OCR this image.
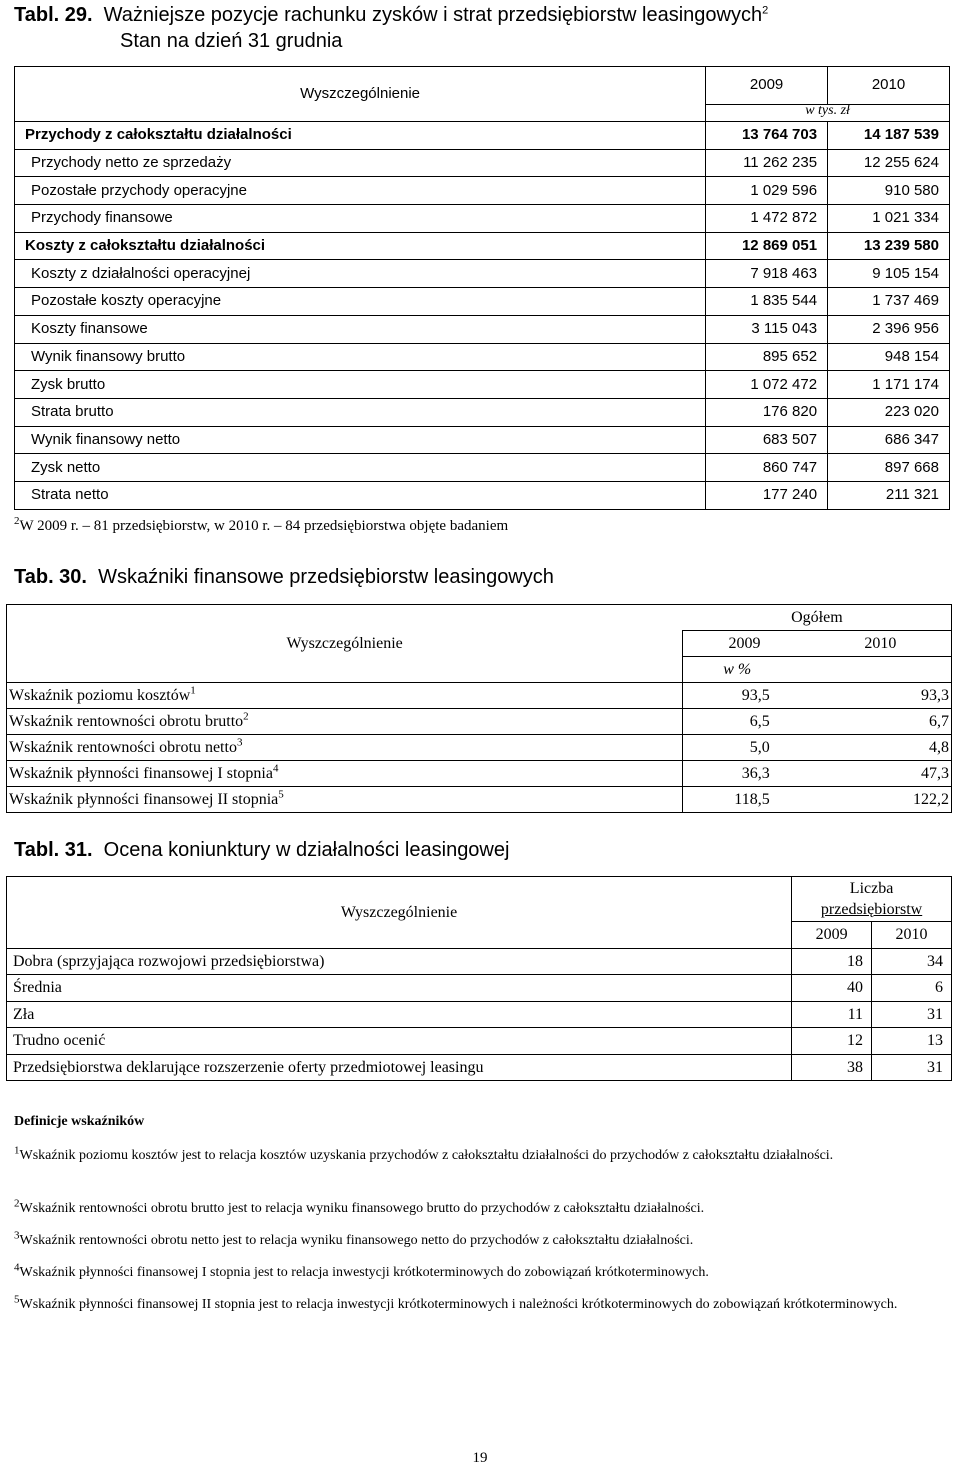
Tabl. 29. Ważniejsze pozycje rachunku zysków i strat przedsiębiorstw leasingowych$^2$
Stan na dzień 31 grudnia
Wyszczególnienie	2009	2010
	w tys. zł	
Przychody z całokształtu działalności	13 764 703	14 187 539
Przychody netto ze sprzedaży	11 262 235	12 255 624
Pozostałe przychody operacyjne	1 029 596	910 580
Przychody finansowe	1 472 872	1 021 334
Koszty z całokształtu działalności	12 869 051	13 239 580
Koszty z działalności operacyjnej	7 918 463	9 105 154
Pozostałe koszty operacyjne	1 835 544	1 737 469
Koszty finansowe	3 115 043	2 396 956
Wynik finansowy brutto	895 652	948 154
Zysk brutto	1 072 472	1 171 174
Strata brutto	176 820	223 020
Wynik finansowy netto	683 507	686 347
Zysk netto	860 747	897 668
Strata netto	177 240	211 321
$^2$W 2009 r. – 81 przedsiębiorstw, w 2010 r. – 84 przedsiębiorstwa objęte badaniem
Tab. 30. Wskaźniki finansowe przedsiębiorstw leasingowych
	Ogółem	
Wyszczególnienie	2009	2010
	w %	
Wskaźnik poziomu kosztów$^1$	93,5	93,3
Wskaźnik rentowności obrotu brutto$^2$	6,5	6,7
Wskaźnik rentowności obrotu netto$^3$	5,0	4,8
Wskaźnik płynności finansowej I stopnia$^4$	36,3	47,3
Wskaźnik płynności finansowej II stopnia$^5$	118,5	122,2
Tabl. 31. Ocena koniunktury w działalności leasingowej
Wyszczególnienie	Liczba
przedsiębiorstw	

	2009	2010
Dobra (sprzyjająca rozwojowi przedsiębiorstwa)	18	34
Średnia	40	6
Zła	11	31
Trudno ocenić	12	13
Przedsiębiorstwa deklarujące rozszerzenie oferty przedmiotowej leasingu	38	31
Definicje wskaźników
$^1$Wskaźnik poziomu kosztów jest to relacja kosztów uzyskania przychodów z całokształtu działalności do przychodów z całokształtu działalności.
$^2$Wskaźnik rentowności obrotu brutto jest to relacja wyniku finansowego brutto do przychodów z całokształtu działalności.
$^3$Wskaźnik rentowności obrotu netto jest to relacja wyniku finansowego netto do przychodów z całokształtu działalności.
$^4$Wskaźnik płynności finansowej I stopnia jest to relacja inwestycji krótkoterminowych do zobowiązań krótkoterminowych.
$^5$Wskaźnik płynności finansowej II stopnia jest to relacja inwestycji krótkoterminowych i należności krótkoterminowych do zobowiązań krótkoterminowych.
19
